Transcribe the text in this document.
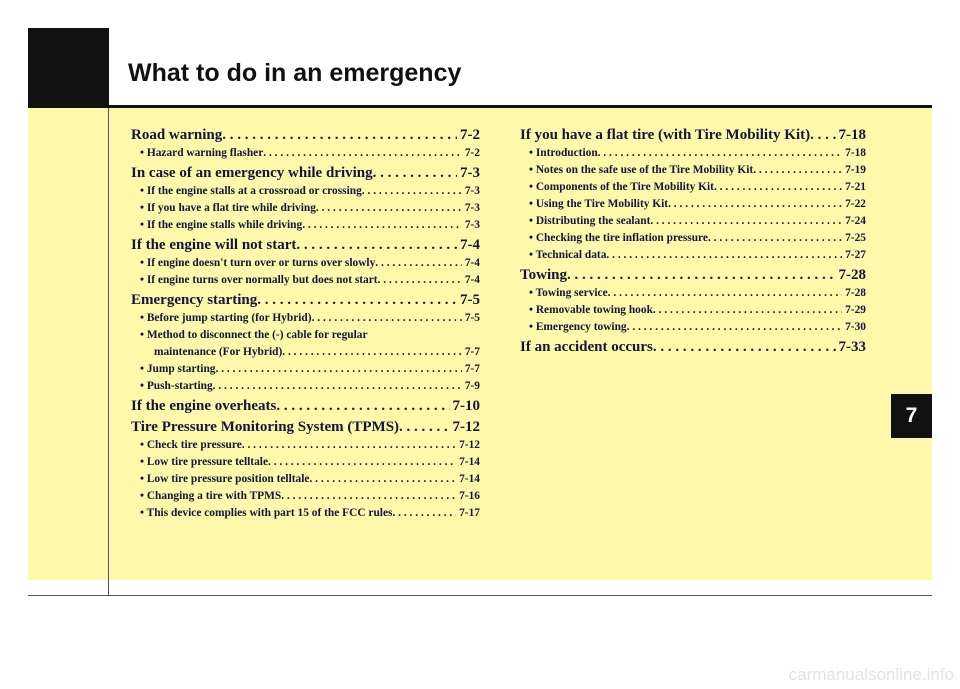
What to do in an emergency
Road warning . . .	7-2
• Hazard warning flasher . . .	7-2
In case of an emergency while driving . . .	7-3
• If the engine stalls at a crossroad or crossing . . .	7-3
• If you have a flat tire while driving . . .	7-3
• If the engine stalls while driving . . .	7-3
If the engine will not start . . .	7-4
• If engine doesn't turn over or turns over slowly . . .	7-4
• If engine turns over normally but does not start . . .	7-4
Emergency starting . . .	7-5
• Before jump starting (for Hybrid) . . .	7-5
• Method to disconnect the (-) cable for regular
maintenance (For Hybrid) . . .	7-7
• Jump starting . . .	7-7
• Push-starting . . .	7-9
If the engine overheats . . .	7-10
Tire Pressure Monitoring System (TPMS) . . .	7-12
• Check tire pressure . . .	7-12
• Low tire pressure telltale . . .	7-14
• Low tire pressure position telltale . . .	7-14
• Changing a tire with TPMS . . .	7-16
• This device complies with part 15 of the FCC rules . . .	7-17
If you have a flat tire (with Tire Mobility Kit) . . . 7-18
• Introduction . . .	7-18
• Notes on the safe use of the Tire Mobility Kit . . .	7-19
• Components of the Tire Mobility Kit . . .	7-21
• Using the Tire Mobility Kit . . .	7-22
• Distributing the sealant . . .	7-24
• Checking the tire inflation pressure . . .	7-25
• Technical data . . .	7-27
Towing . . .	7-28
• Towing service . . .	7-28
• Removable towing hook . . .	7-29
• Emergency towing . . .	7-30
If an accident occurs . . .	7-33
7
carmanualsonline.info
